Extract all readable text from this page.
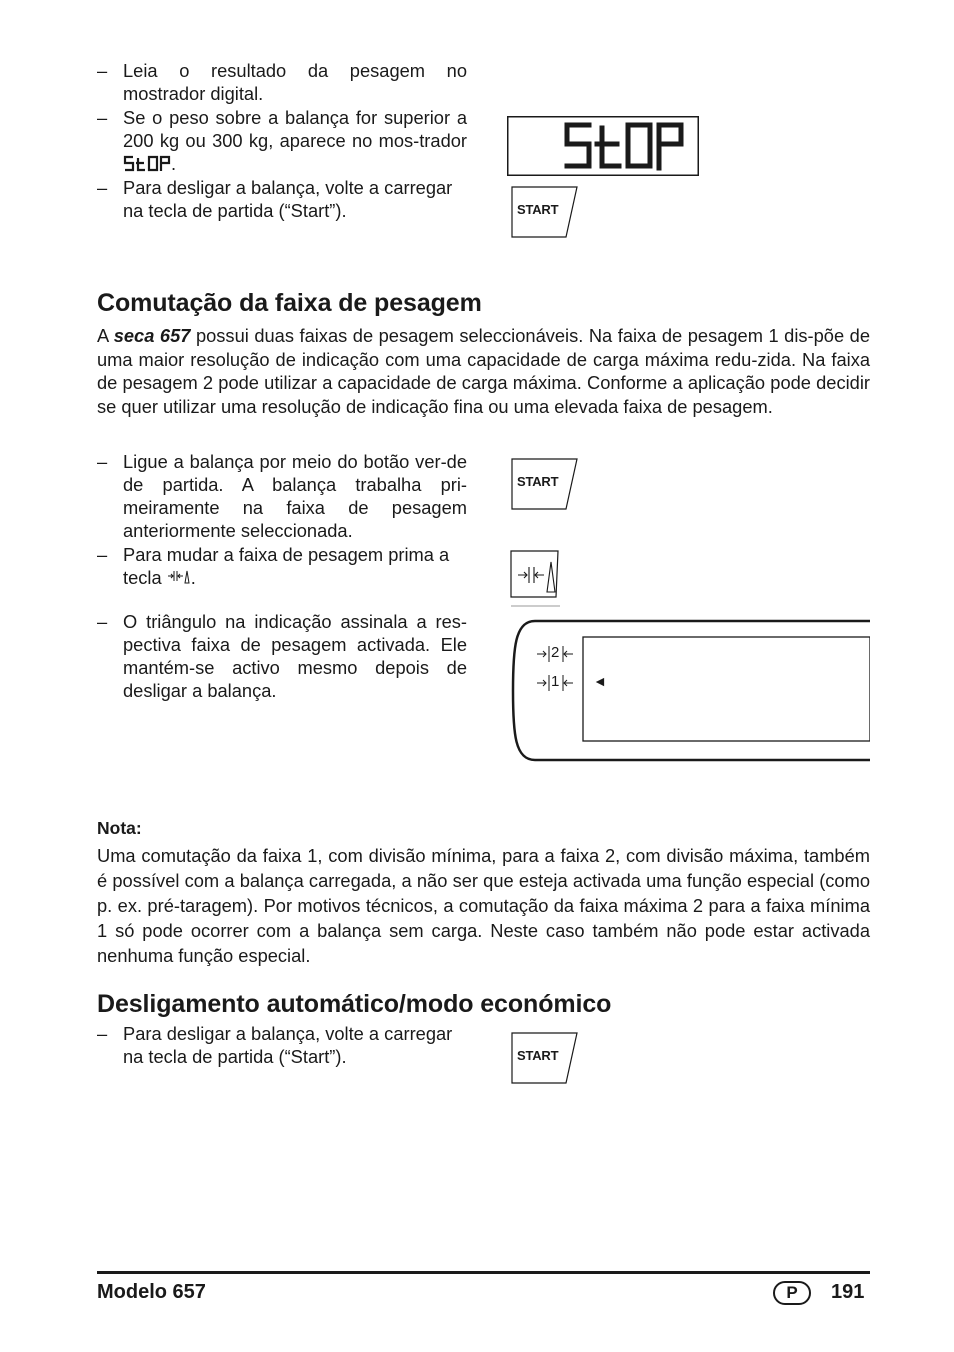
– Leia o resultado da pesagem no mostrador digital.
– Se o peso sobre a balança for superior a 200 kg ou 300 kg, aparece no mos-trador .
– Para desligar a balança, volte a carregar na tecla de partida (“Start”).	START
Comutação da faixa de pesagem
A seca 657 possui duas faixas de pesagem seleccionáveis. Na faixa de pesagem 1 dis-põe de uma maior resolução de indicação com uma capacidade de carga máxima redu-zida. Na faixa de pesagem 2 pode utilizar a capacidade de carga máxima. Conforme a aplicação pode decidir se quer utilizar uma resolução de indicação fina ou uma elevada faixa de pesagem.
– Ligue a balança por meio do botão ver-de de partida. A balança trabalha pri-meiramente na faixa de pesagem anteriormente seleccionada.
– Para mudar a faixa de pesagem prima a tecla .
– O triângulo na indicação assinala a res-pectiva faixa de pesagem activada. Ele mantém-se activo mesmo depois de desligar a balança.
START
2
1 ◄
Nota:
Uma comutação da faixa 1, com divisão mínima, para a faixa 2, com divisão máxima, também é possível com a balança carregada, a não ser que esteja activada uma função especial (como p. ex. pré-taragem). Por motivos técnicos, a comutação da faixa máxima 2 para a faixa mínima 1 só pode ocorrer com a balança sem carga. Neste caso também não pode estar activada nenhuma função especial.
Desligamento automático/modo económico
– Para desligar a balança, volte a carregar na tecla de partida (“Start”).	START
Modelo 657	P	191
